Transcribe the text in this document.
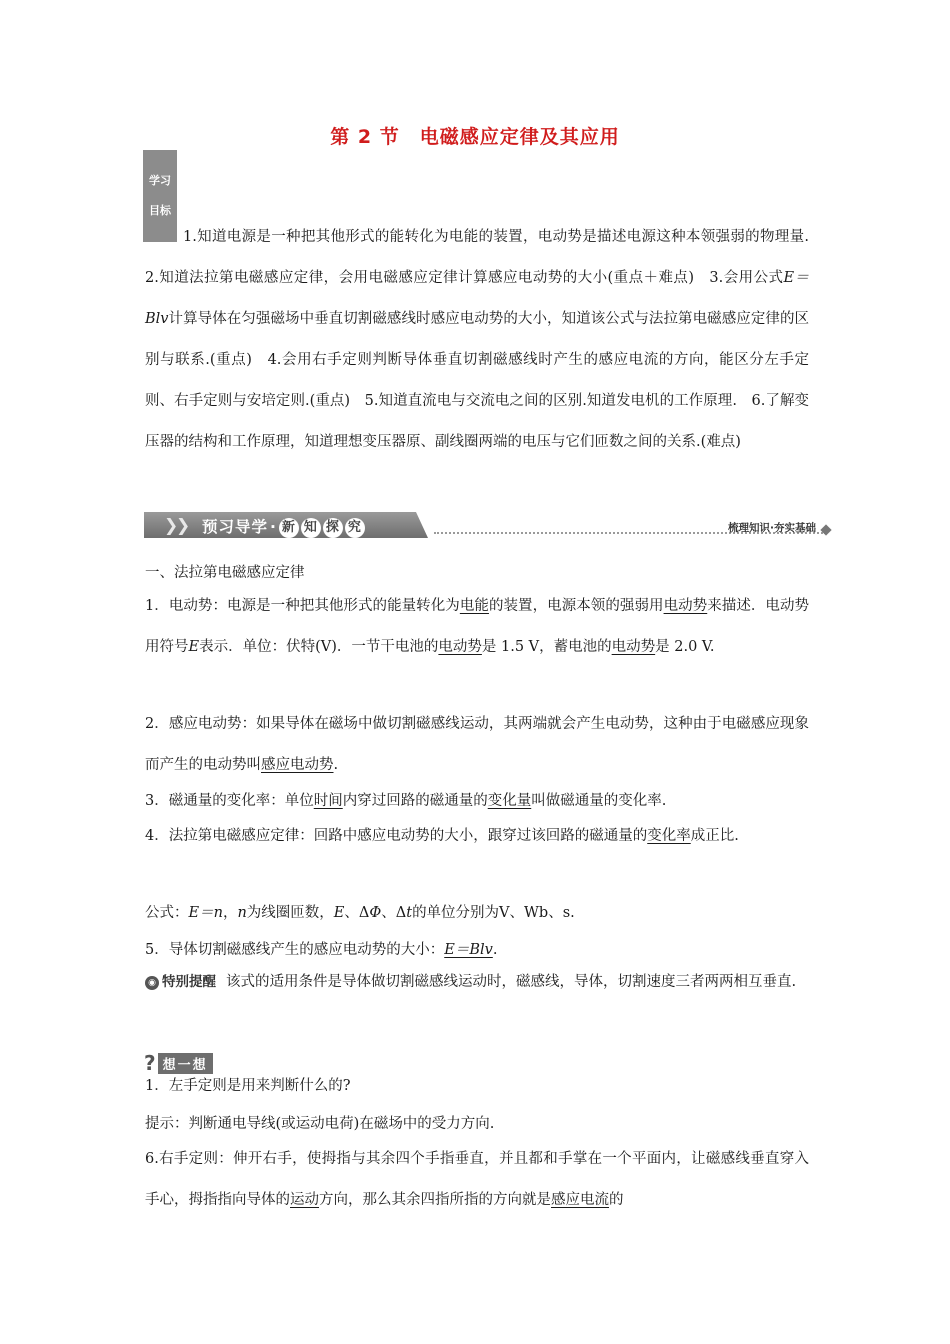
第 2 节　电磁感应定律及其应用
学习
目标

1.知道电源是一种把其他形式的能转化为电能的装置，电动势是描述电源这种本领强弱的物理量.　2.知道法拉第电磁感应定律，会用电磁感应定律计算感应电动势的大小(重点＋难点)　3.会用公式E＝Blv计算导体在匀强磁场中垂直切割磁感线时感应电动势的大小，知道该公式与法拉第电磁感应定律的区别与联系.(重点)　4.会用右手定则判断导体垂直切割磁感线时产生的感应电流的方向，能区分左手定则、右手定则与安培定则.(重点)　5.知道直流电与交流电之间的区别.知道发电机的工作原理.　6.了解变压器的结构和工作原理，知道理想变压器原、副线圈两端的电压与它们匝数之间的关系.(难点)

❯
❯ 预习导学 · 新 知 探 究	梳理知识·夯实基础
一、法拉第电磁感应定律

1．电动势：电源是一种把其他形式的能量转化为电能的装置，电源本领的强弱用电动势来描述．电动势用符号E表示．单位：伏特(V)．一节干电池的电动势是 1.5 V，蓄电池的电动势是 2.0 V.

2．感应电动势：如果导体在磁场中做切割磁感线运动，其两端就会产生电动势，这种由于电磁感应现象而产生的电动势叫感应电动势.

3．磁通量的变化率：单位时间内穿过回路的磁通量的变化量叫做磁通量的变化率.

4．法拉第电磁感应定律：回路中感应电动势的大小，跟穿过该回路的磁通量的变化率成正比.

公式：E＝n，n为线圈匝数，E、ΔΦ、Δt的单位分别为V、Wb、s.
5．导体切割磁感线产生的感应电动势的大小：E＝Blv.

◉ 特别提醒 该式的适用条件是导体做切割磁感线运动时，磁感线，导体，切割速度三者两两相互垂直.

? 想一想
1．左手定则是用来判断什么的?
提示：判断通电导线(或运动电荷)在磁场中的受力方向.

6.右手定则：伸开右手，使拇指与其余四个手指垂直，并且都和手掌在一个平面内，让磁感线垂直穿入手心，拇指指向导体的运动方向，那么其余四指所指的方向就是感应电流的
